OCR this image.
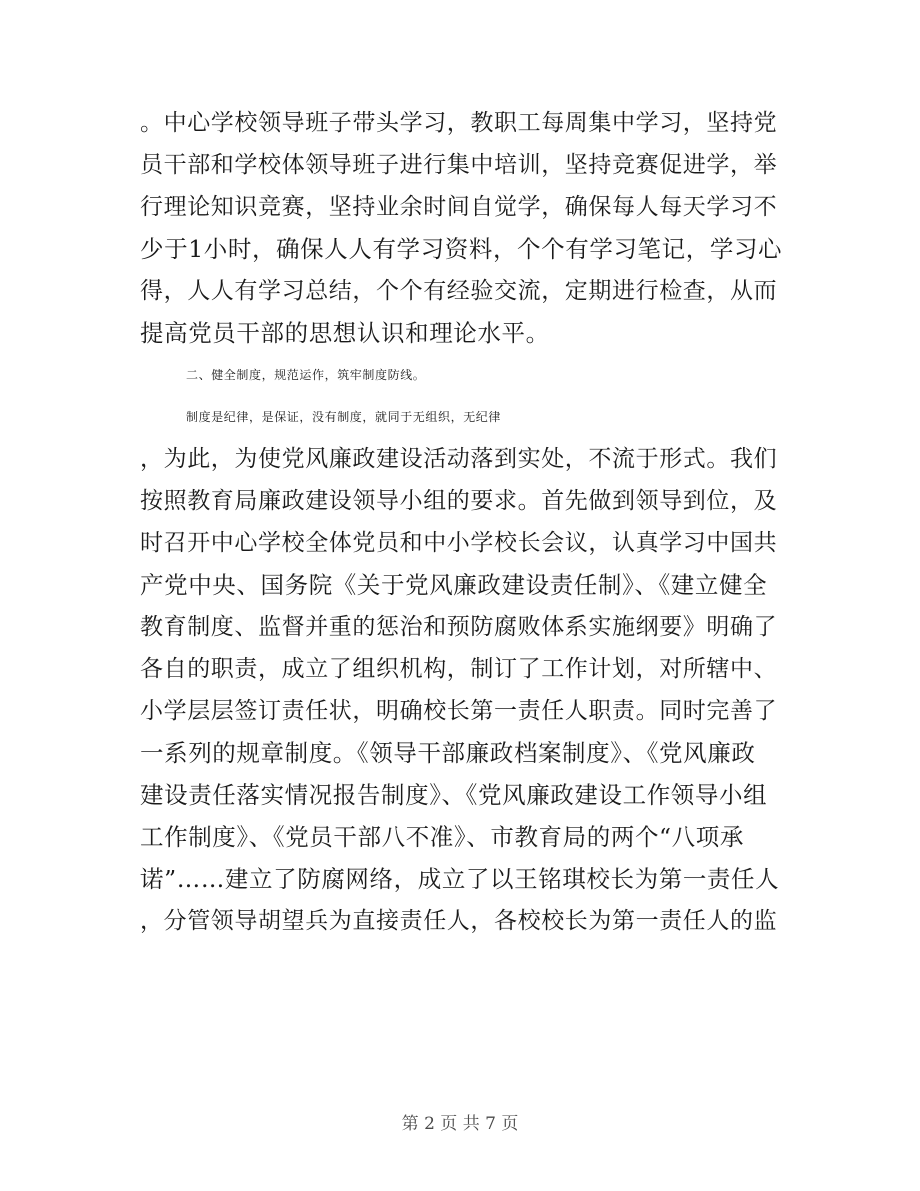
。中心学校领导班子带头学习，教职工每周集中学习，坚持党
员干部和学校体领导班子进行集中培训，坚持竞赛促进学，举
行理论知识竞赛，坚持业余时间自觉学，确保每人每天学习不
少于1小时，确保人人有学习资料，个个有学习笔记，学习心
得，人人有学习总结，个个有经验交流，定期进行检查，从而
提高党员干部的思想认识和理论水平。
二、健全制度，规范运作，筑牢制度防线。
制度是纪律，是保证，没有制度，就同于无组织，无纪律
，为此，为使党风廉政建设活动落到实处，不流于形式。我们
按照教育局廉政建设领导小组的要求。首先做到领导到位，及
时召开中心学校全体党员和中小学校长会议，认真学习中国共
产党中央、国务院《关于党风廉政建设责任制》、《建立健全
教育制度、监督并重的惩治和预防腐败体系实施纲要》明确了
各自的职责，成立了组织机构，制订了工作计划，对所辖中、
小学层层签订责任状，明确校长第一责任人职责。同时完善了
一系列的规章制度。《领导干部廉政档案制度》、《党风廉政
建设责任落实情况报告制度》、《党风廉政建设工作领导小组
工作制度》、《党员干部八不准》、市教育局的两个“八项承
诺”……建立了防腐网络，成立了以王铭琪校长为第一责任人
，分管领导胡望兵为直接责任人，各校校长为第一责任人的监
第 2 页 共 7 页
